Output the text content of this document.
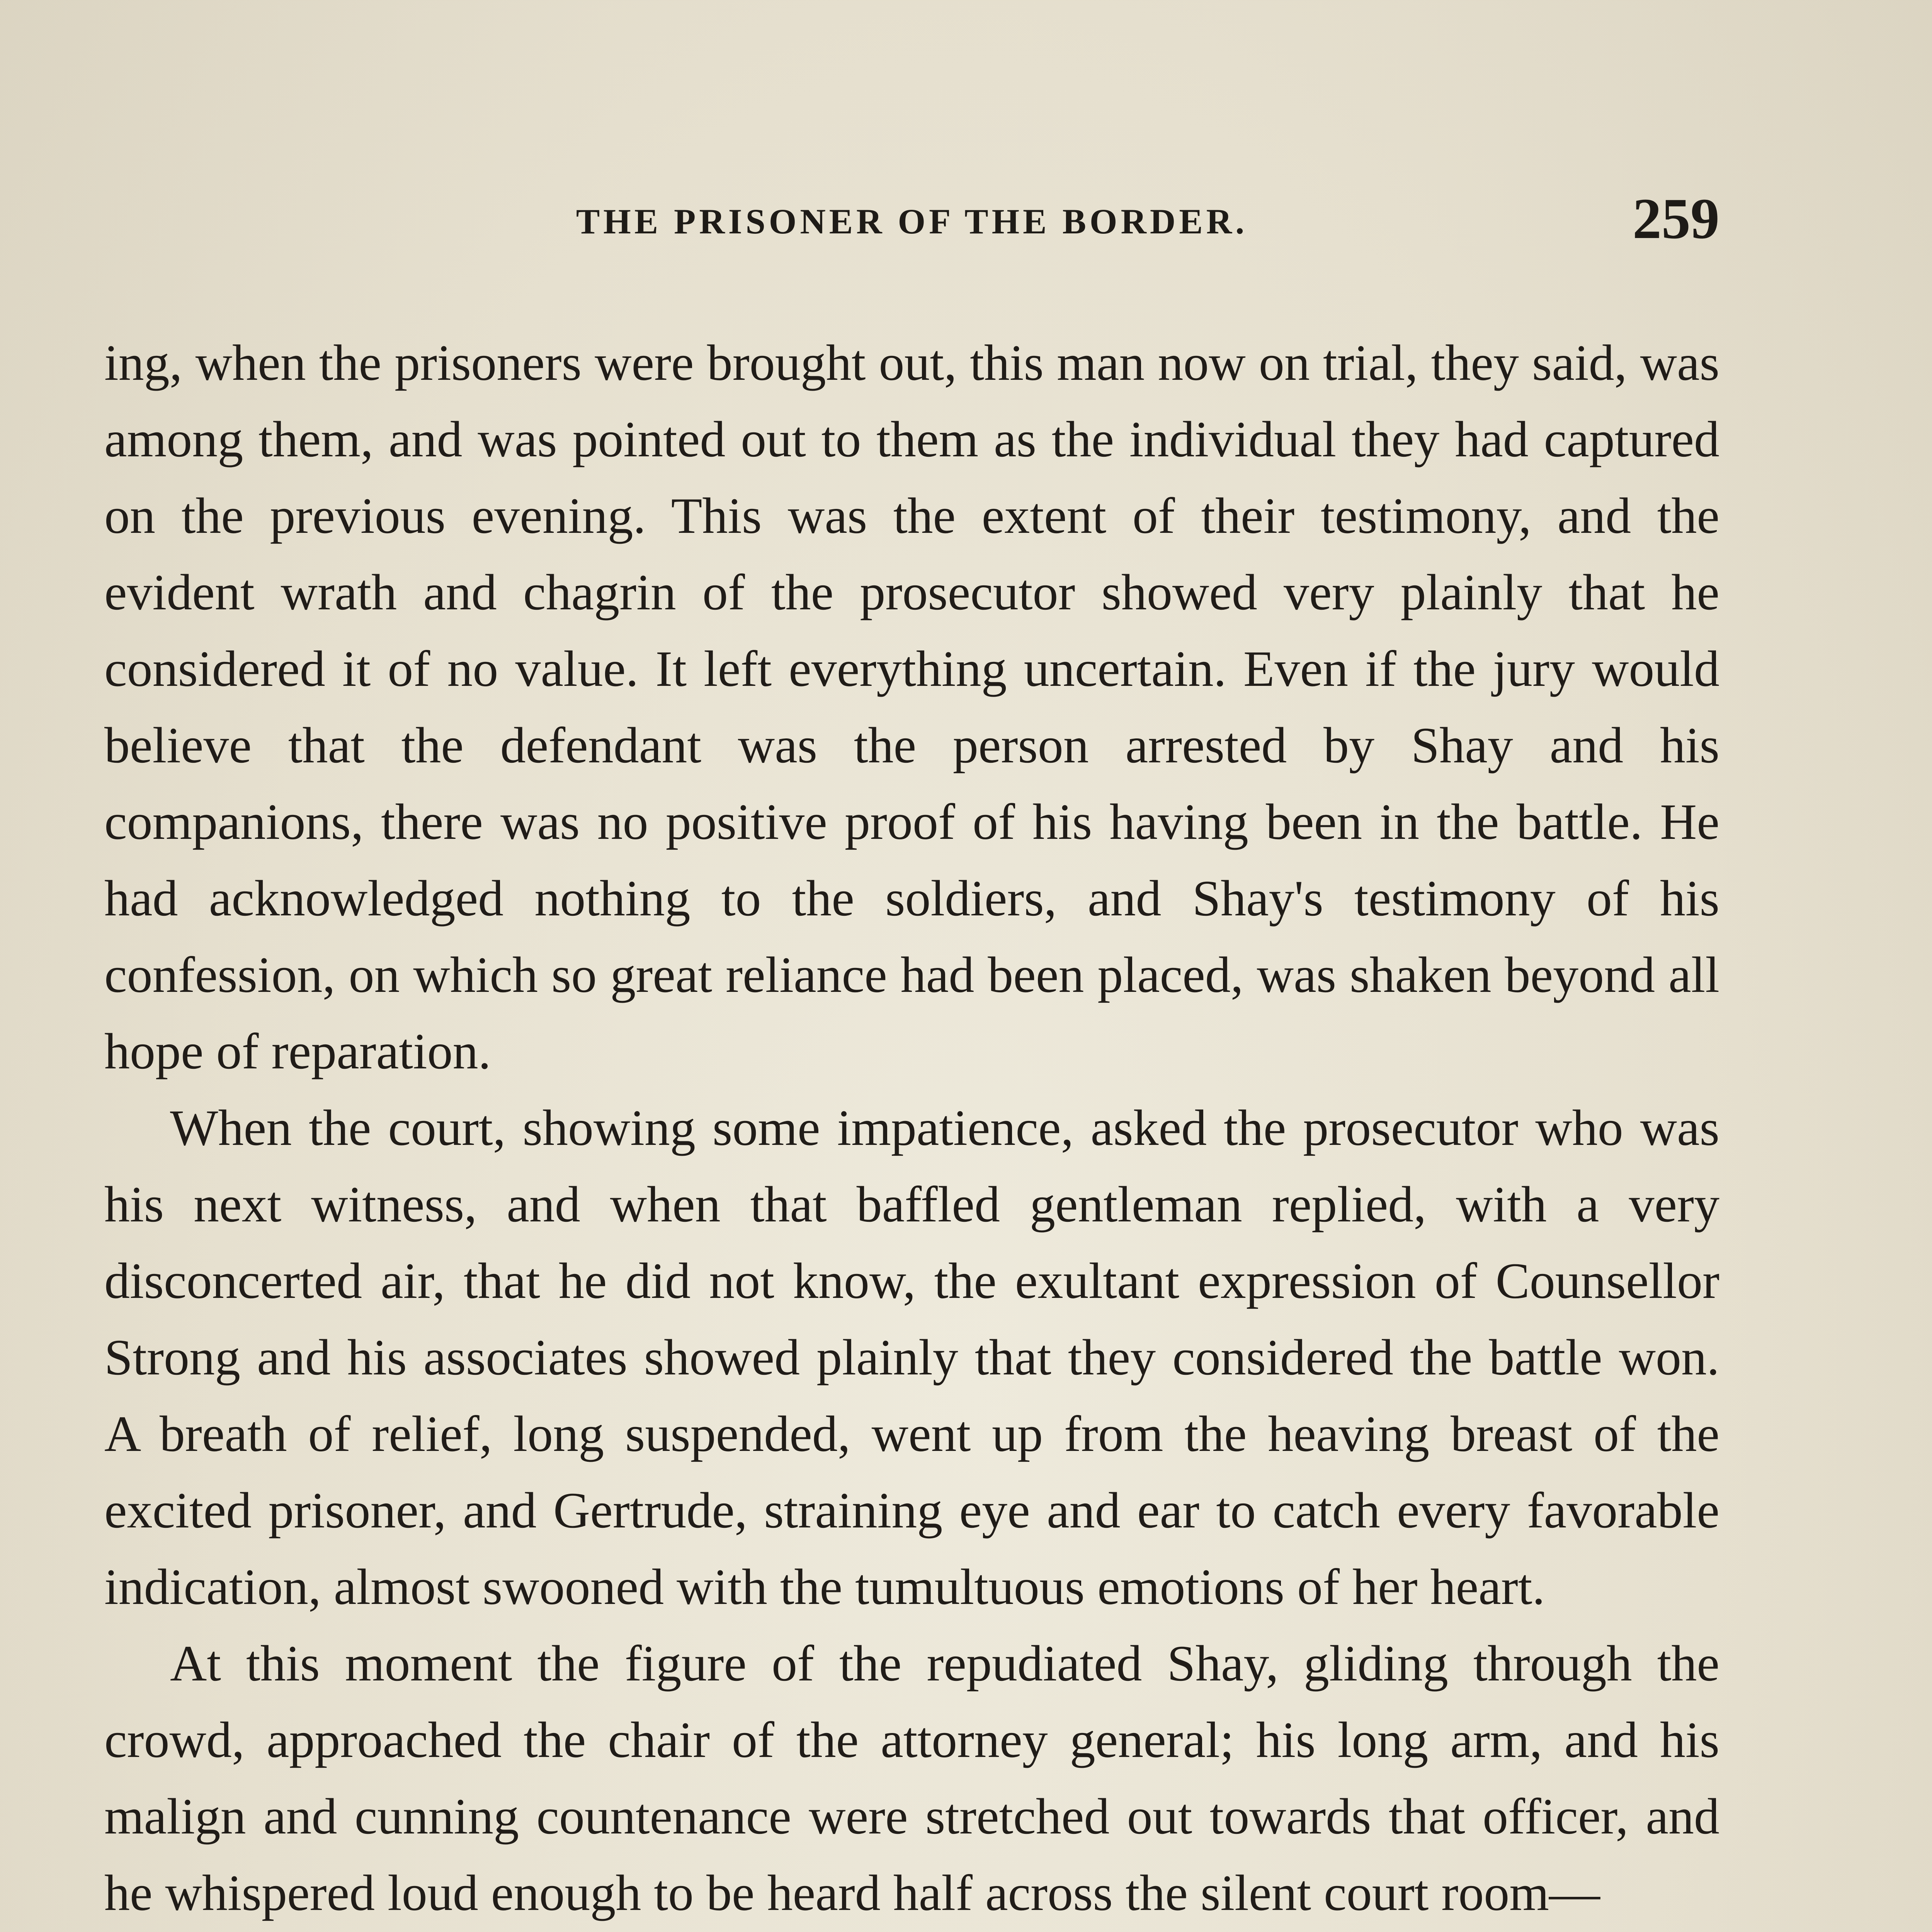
THE PRISONER OF THE BORDER.	259

ing, when the prisoners were brought out, this man now on trial, they said, was among them, and was pointed out to them as the individual they had captured on the previous evening. This was the extent of their testimony, and the evident wrath and chagrin of the prosecutor showed very plainly that he considered it of no value. It left everything uncertain. Even if the jury would believe that the defendant was the person arrested by Shay and his companions, there was no positive proof of his having been in the battle. He had acknowledged nothing to the soldiers, and Shay's testimony of his confession, on which so great reliance had been placed, was shaken beyond all hope of reparation.

When the court, showing some impatience, asked the prosecutor who was his next witness, and when that baffled gentleman replied, with a very disconcerted air, that he did not know, the exultant expression of Counsellor Strong and his associates showed plainly that they considered the battle won. A breath of relief, long suspended, went up from the heaving breast of the excited prisoner, and Gertrude, straining eye and ear to catch every favorable indication, almost swooned with the tumultuous emotions of her heart.

At this moment the figure of the repudiated Shay, gliding through the crowd, approached the chair of the attorney general; his long arm, and his malign and cunning countenance were stretched out towards that officer, and he whispered loud enough to be heard half across the silent court room—
